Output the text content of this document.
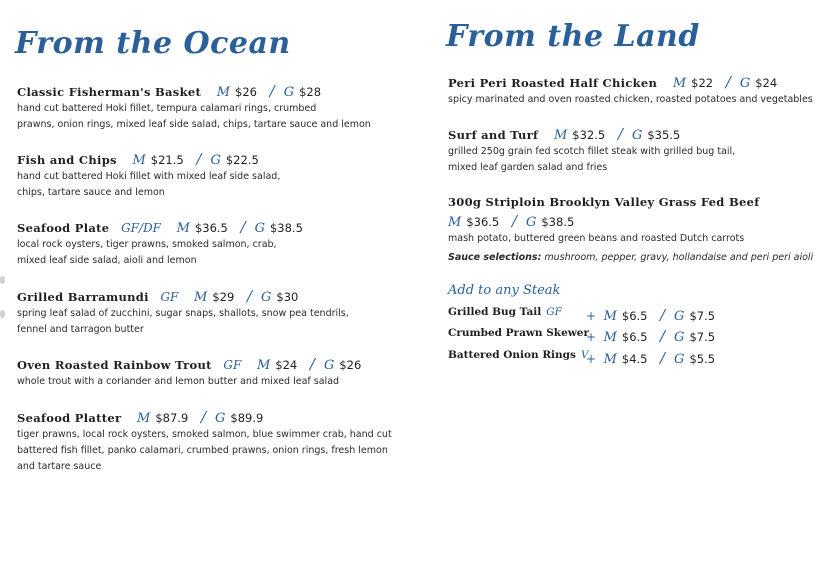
From the Ocean
Classic Fisherman's Basket M $26 / G $28
hand cut battered Hoki fillet, tempura calamari rings, crumbed
prawns, onion rings, mixed leaf side salad, chips, tartare sauce and lemon
Fish and Chips M $21.5 / G $22.5
hand cut battered Hoki fillet with mixed leaf side salad,
chips, tartare sauce and lemon
Seafood Plate GF/DF M $36.5 / G $38.5
local rock oysters, tiger prawns, smoked salmon, crab,
mixed leaf side salad, aioli and lemon
Grilled Barramundi GF M $29 / G $30
spring leaf salad of zucchini, sugar snaps, shallots, snow pea tendrils,
fennel and tarragon butter
Oven Roasted Rainbow Trout GF M $24 / G $26
whole trout with a coriander and lemon butter and mixed leaf salad
Seafood Platter M $87.9 / G $89.9
tiger prawns, local rock oysters, smoked salmon, blue swimmer crab, hand cut
battered fish fillet, panko calamari, crumbed prawns, onion rings, fresh lemon
and tartare sauce
From the Land
Peri Peri Roasted Half Chicken M $22 / G $24
spicy marinated and oven roasted chicken, roasted potatoes and vegetables
Surf and Turf M $32.5 / G $35.5
grilled 250g grain fed scotch fillet steak with grilled bug tail,
mixed leaf garden salad and fries
300g Striploin Brooklyn Valley Grass Fed Beef
M $36.5 / G $38.5
mash potato, buttered green beans and roasted Dutch carrots
Sauce selections: mushroom, pepper, gravy, hollandaise and peri peri aioli
Add to any Steak
Grilled Bug Tail GF + M $6.5 / G $7.5
Crumbed Prawn Skewer
+ M $6.5 / G $7.5
Battered Onion Rings V
+ M $4.5 / G $5.5
